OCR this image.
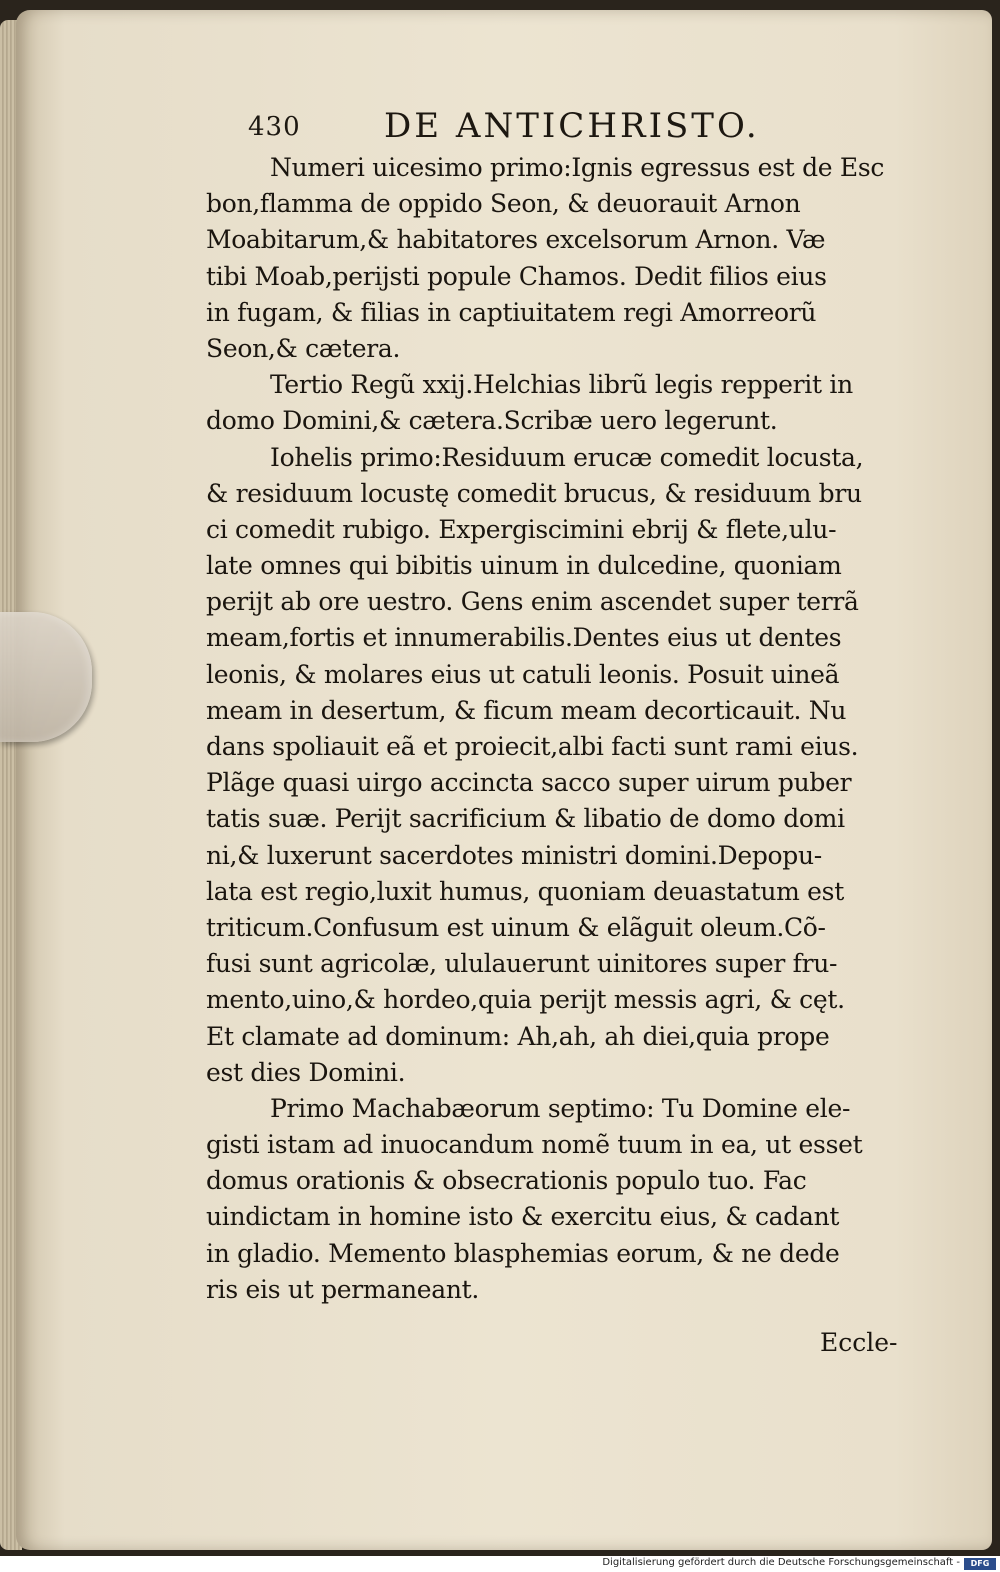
430 DE ANTICHRISTO.
Numeri uicesimo primo:Ignis egressus est de Esc
bon,flamma de oppido Seon, & deuorauit Arnon
Moabitarum,& habitatores excelsorum Arnon. Væ
tibi Moab,perijsti popule Chamos. Dedit filios eius
in fugam, & filias in captiuitatem regi Amorreorũ
Seon,& cætera.
Tertio Regũ xxij.Helchias librũ legis repperit in
domo Domini,& cætera.Scribæ uero legerunt.
Iohelis primo:Residuum erucæ comedit locusta,
& residuum locustę comedit brucus, & residuum bru
ci comedit rubigo. Expergiscimini ebrij & flete,ulu-
late omnes qui bibitis uinum in dulcedine, quoniam
perijt ab ore uestro. Gens enim ascendet super terrã
meam,fortis et innumerabilis.Dentes eius ut dentes
leonis, & molares eius ut catuli leonis. Posuit uineã
meam in desertum, & ficum meam decorticauit. Nu
dans spoliauit eã et proiecit,albi facti sunt rami eius.
Plãge quasi uirgo accincta sacco super uirum puber
tatis suæ. Perijt sacrificium & libatio de domo domi
ni,& luxerunt sacerdotes ministri domini.Depopu-
lata est regio,luxit humus, quoniam deuastatum est
triticum.Confusum est uinum & elãguit oleum.Cõ-
fusi sunt agricolæ, ululauerunt uinitores super fru-
mento,uino,& hordeo,quia perijt messis agri, & cęt.
Et clamate ad dominum: Ah,ah, ah diei,quia prope
est dies Domini.
Primo Machabæorum septimo: Tu Domine ele-
gisti istam ad inuocandum nomẽ tuum in ea, ut esset
domus orationis & obsecrationis populo tuo. Fac
uindictam in homine isto & exercitu eius, & cadant
in gladio. Memento blasphemias eorum, & ne dede
ris eis ut permaneant.
Eccle-
Digitalisierung gefördert durch die Deutsche Forschungsgemeinschaft -	DFG
